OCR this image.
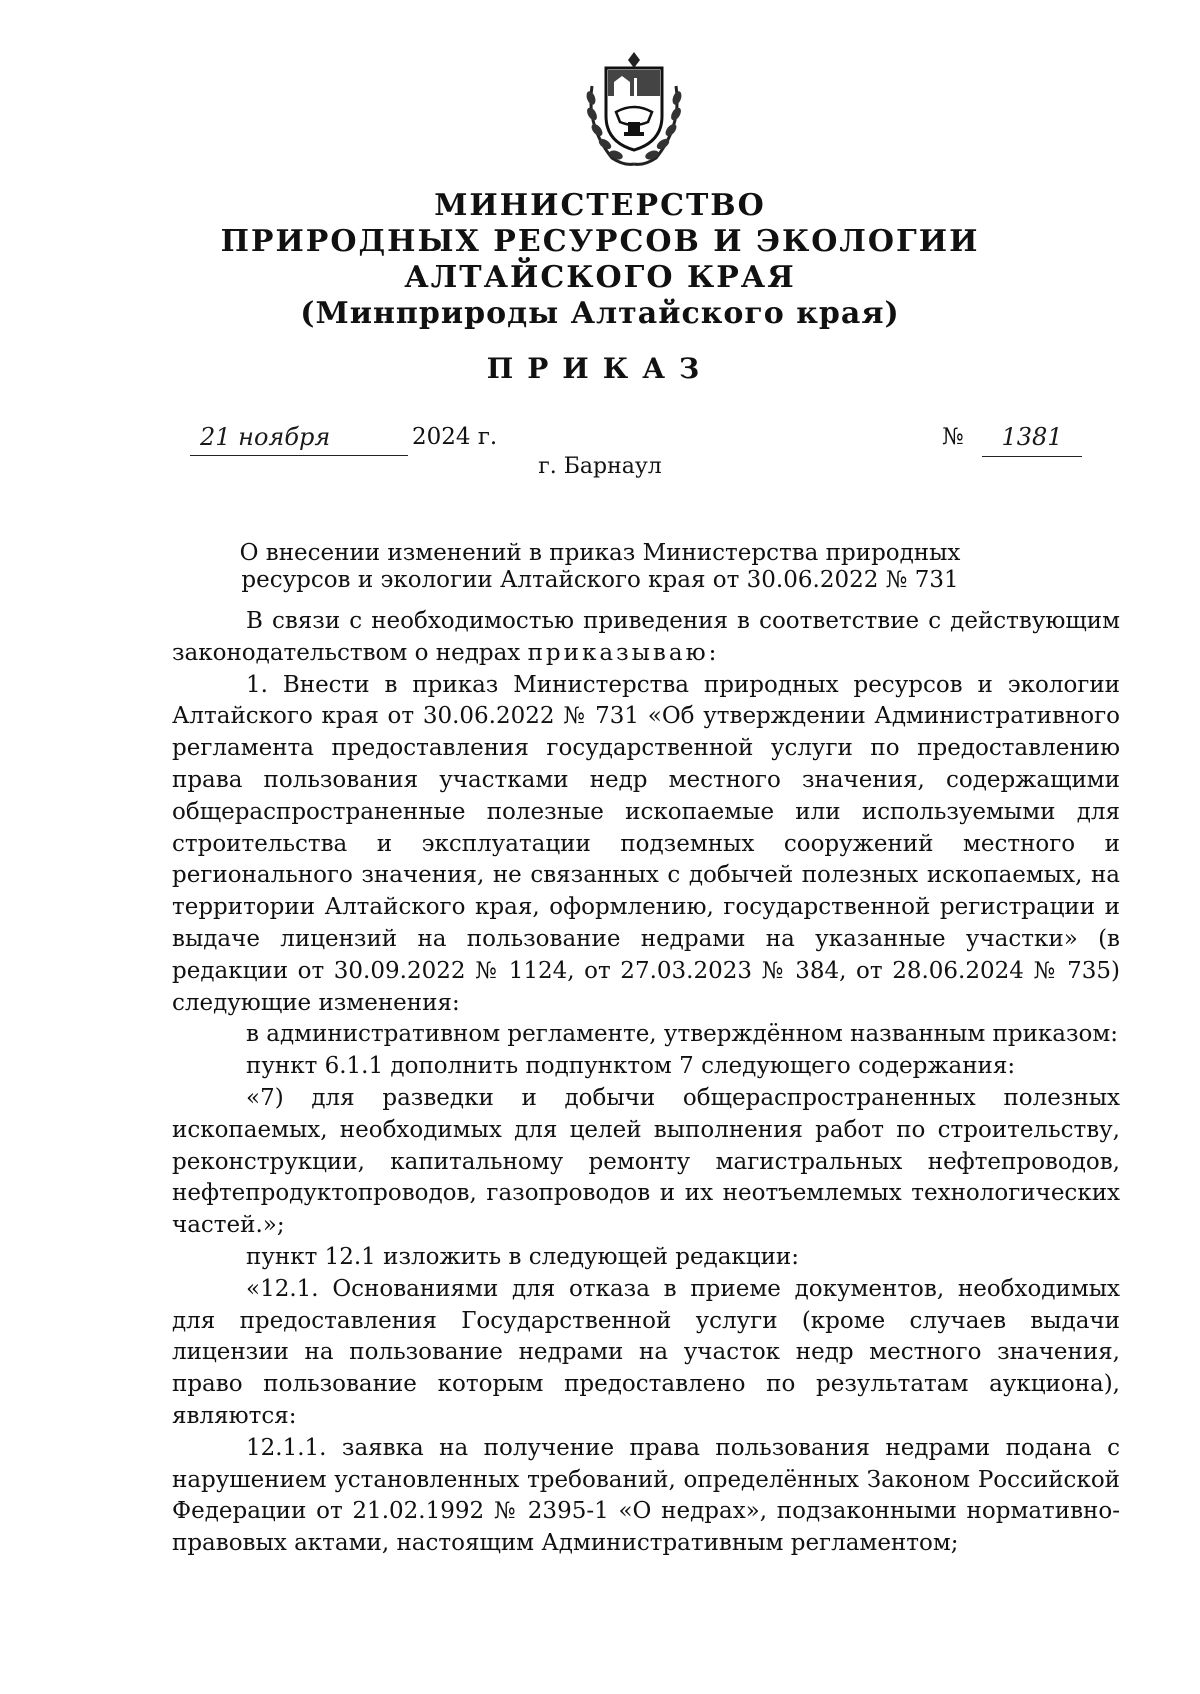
МИНИСТЕРСТВО
ПРИРОДНЫХ РЕСУРСОВ И ЭКОЛОГИИ
АЛТАЙСКОГО КРАЯ
(Минприроды Алтайского края)
ПРИКАЗ
21 ноября	2024 г.	№	1381
г. Барнаул
О внесении изменений в приказ Министерства природных
ресурсов и экологии Алтайского края от 30.06.2022 № 731

В связи с необходимостью приведения в соответствие с действующим законодательством о недрах приказываю:

1. Внести в приказ Министерства природных ресурсов и экологии Алтайского края от 30.06.2022 № 731 «Об утверждении Административного регламента предоставления государственной услуги по предоставлению права пользования участками недр местного значения, содержащими общераспространенные полезные ископаемые или используемыми для строительства и эксплуатации подземных сооружений местного и регионального значения, не связанных с добычей полезных ископаемых, на территории Алтайского края, оформлению, государственной регистрации и выдаче лицензий на пользование недрами на указанные участки» (в редакции от 30.09.2022 № 1124, от 27.03.2023 № 384, от 28.06.2024 № 735) следующие изменения:

в административном регламенте, утверждённом названным приказом:

пункт 6.1.1 дополнить подпунктом 7 следующего содержания:

«7) для разведки и добычи общераспространенных полезных ископаемых, необходимых для целей выполнения работ по строительству, реконструкции, капитальному ремонту магистральных нефтепроводов, нефтепродуктопроводов, газопроводов и их неотъемлемых технологических частей.»;

пункт 12.1 изложить в следующей редакции:

«12.1. Основаниями для отказа в приеме документов, необходимых для предоставления Государственной услуги (кроме случаев выдачи лицензии на пользование недрами на участок недр местного значения, право пользование которым предоставлено по результатам аукциона), являются:

12.1.1. заявка на получение права пользования недрами подана с нарушением установленных требований, определённых Законом Российской Федерации от 21.02.1992 № 2395-1 «О недрах», подзаконными нормативно-правовых актами, настоящим Административным регламентом;
